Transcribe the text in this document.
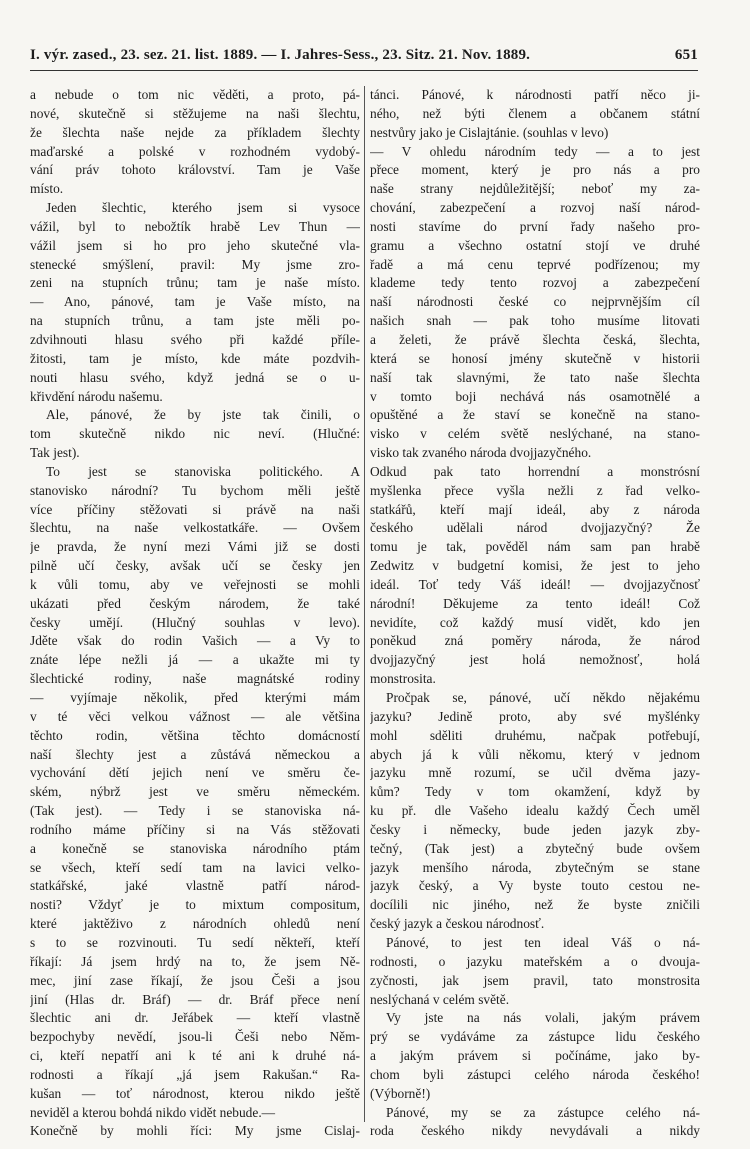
I. výr. zased., 23. sez. 21. list. 1889. — I. Jahres-Sess., 23. Sitz. 21. Nov. 1889.	651
a nebude o tom nic věděti, a proto, pá-
nové, skutečně si stěžujeme na naši šlechtu,
že šlechta naše nejde za příkladem šlechty
maďarské a polské v rozhodném vydobý-
vání práv tohoto království. Tam je Vaše
místo.
Jeden šlechtic, kterého jsem si vysoce
vážil, byl to nebožtík hrabě Lev Thun —
vážil jsem si ho pro jeho skutečné vla-
stenecké smýšlení, pravil: My jsme zro-
zeni na stupních trůnu; tam je naše místo.
— Ano, pánové, tam je Vaše místo, na
na stupních trůnu, a tam jste měli po-
zdvihnouti hlasu svého při každé příle-
žitosti, tam je místo, kde máte pozdvih-
nouti hlasu svého, když jedná se o u-
křivdění národu našemu.
Ale, pánové, že by jste tak činili, o
tom skutečně nikdo nic neví. (Hlučné:
Tak jest).
To jest se stanoviska politického. A
stanovisko národní? Tu bychom měli ještě
více příčiny stěžovati si právě na naši
šlechtu, na naše velkostatkáře. — Ovšem
je pravda, že nyní mezi Vámi již se dosti
pilně učí česky, avšak učí se česky jen
k vůli tomu, aby ve veřejnosti se mohli
ukázati před českým národem, že také
česky umějí. (Hlučný souhlas v levo).
Jděte však do rodin Vašich — a Vy to
znáte lépe nežli já — a ukažte mi ty
šlechtické rodiny, naše magnátské rodiny
— vyjímaje několik, před kterými mám
v té věci velkou vážnost — ale většina
těchto rodin, většina těchto domácností
naší šlechty jest a zůstává německou a
vychování dětí jejich není ve směru če-
ském, nýbrž jest ve směru německém.
(Tak jest). — Tedy i se stanoviska ná-
rodního máme příčiny si na Vás stěžovati
a konečně se stanoviska národního ptám
se všech, kteří sedí tam na lavici velko-
statkářské, jaké vlastně patří národ-
nosti? Vždyť je to mixtum compositum,
které jaktěživo z národních ohledů není
s to se rozvinouti. Tu sedí někteří, kteří
říkají: Já jsem hrdý na to, že jsem Ně-
mec, jiní zase říkají, že jsou Češi a jsou
jiní (Hlas dr. Bráf) — dr. Bráf přece není
šlechtic ani dr. Jeřábek — kteří vlastně
bezpochyby nevědí, jsou-li Češi nebo Něm-
ci, kteří nepatří ani k té ani k druhé ná-
rodnosti a říkají „já jsem Rakušan.“ Ra-
kušan — toť národnost, kterou nikdo ještě
neviděl a kterou bohdá nikdo vidět nebude.—
Konečně by mohli říci: My jsme Cislaj-
tánci. Pánové, k národnosti patří něco ji-
ného, než býti členem a občanem státní
nestvůry jako je Cislajtánie. (souhlas v levo)
— V ohledu národním tedy — a to jest
přece moment, který je pro nás a pro
naše strany nejdůležitější; neboť my za-
chování, zabezpečení a rozvoj naší národ-
nosti stavíme do první řady našeho pro-
gramu a všechno ostatní stojí ve druhé
řadě a má cenu teprvé podřízenou; my
klademe tedy tento rozvoj a zabezpečení
naší národnosti české co nejprvnějším cíl
našich snah — pak toho musíme litovati
a želeti, že právě šlechta česká, šlechta,
která se honosí jmény skutečně v historii
naší tak slavnými, že tato naše šlechta
v tomto boji nechává nás osamotnělé a
opuštěné a že staví se konečně na stano-
visko v celém světě neslýchané, na stano-
visko tak zvaného národa dvojjazyčného.
Odkud pak tato horrendní a monstrósní
myšlenka přece vyšla nežli z řad velko-
statkářů, kteří mají ideál, aby z národa
českého udělali národ dvojjazyčný? Že
tomu je tak, pověděl nám sam pan hrabě
Zedwitz v budgetní komisi, že jest to jeho
ideál. Toť tedy Váš ideál! — dvojjazyčnosť
národní! Děkujeme za tento ideál! Což
nevidíte, což každý musí vidět, kdo jen
poněkud zná poměry národa, že národ
dvojjazyčný jest holá nemožnosť, holá
monstrosita.
Pročpak se, pánové, učí někdo nějakému
jazyku? Jedině proto, aby své myšlénky
mohl sděliti druhému, načpak potřebují,
abych já k vůli někomu, který v jednom
jazyku mně rozumí, se učil dvěma jazy-
kům? Tedy v tom okamžení, když by
ku př. dle Vašeho idealu každý Čech uměl
česky i německy, bude jeden jazyk zby-
tečný, (Tak jest) a zbytečný bude ovšem
jazyk menšího národa, zbytečným se stane
jazyk český, a Vy byste touto cestou ne-
docílili nic jiného, než že byste zničili
český jazyk a českou národnosť.
Pánové, to jest ten ideal Váš o ná-
rodnosti, o jazyku mateřském a o dvouja-
zyčnosti, jak jsem pravil, tato monstrosita
neslýchaná v celém světě.
Vy jste na nás volali, jakým právem
prý se vydáváme za zástupce lidu českého
a jakým právem si počínáme, jako by-
chom byli zástupci celého národa českého!
(Výborně!)
Pánové, my se za zástupce celého ná-
roda českého nikdy nevydávali a nikdy
